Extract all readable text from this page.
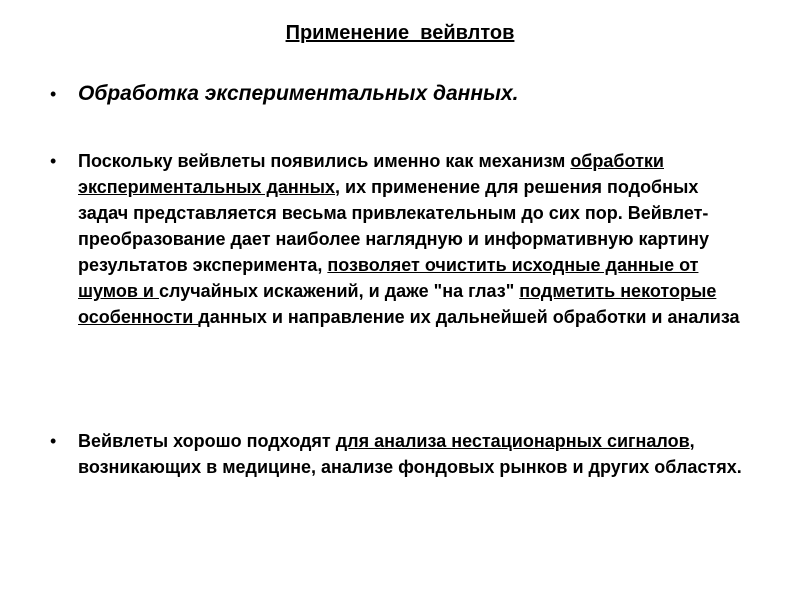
Применение  вейвлтов
•	Обработка экспериментальных данных.
•	Поскольку вейвлеты появились именно как механизм обработки экспериментальных данных, их применение для решения подобных задач представляется весьма привлекательным до сих пор. Вейвлет-преобразование дает наиболее наглядную и информативную картину результатов эксперимента, позволяет очистить исходные данные от шумов и случайных искажений, и даже "на глаз" подметить некоторые особенности данных и направление их дальнейшей обработки и анализа
•	Вейвлеты хорошо подходят для анализа нестационарных сигналов, возникающих в медицине, анализе фондовых рынков и других областях.
